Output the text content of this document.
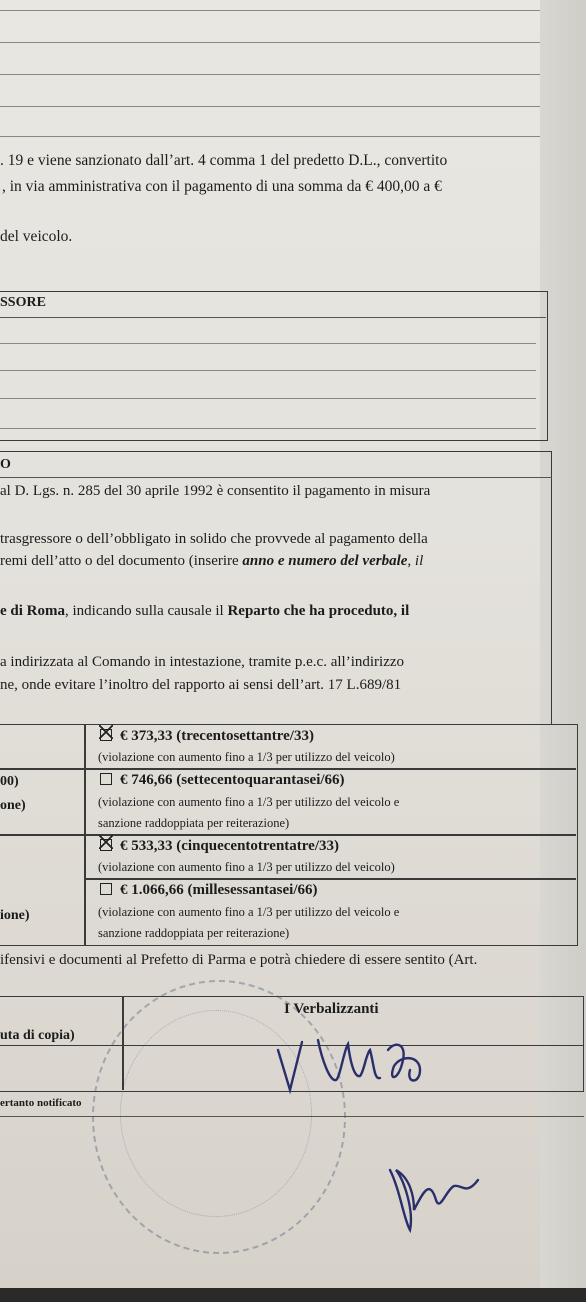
. 19 e viene sanzionato dall’art. 4 comma 1 del predetto D.L., convertito
, in via amministrativa con il pagamento di una somma da € 400,00 a €
del veicolo.
SSORE
O
al D. Lgs. n. 285 del 30 aprile 1992 è consentito il pagamento in misura
trasgressore o dell’obbligato in solido che provvede al pagamento della
remi dell’atto o del documento (inserire anno e numero del verbale, il
e di Roma, indicando sulla causale il Reparto che ha proceduto, il
a indirizzata al Comando in intestazione, tramite p.e.c. all’indirizzo
ne, onde evitare l’inoltro del rapporto ai sensi dell’art. 17 L.689/81
€ 373,33 (trecentosettantre/33)
(violazione con aumento fino a 1/3 per utilizzo del veicolo)
00)
one)
€ 746,66 (settecentoquarantasei/66)
(violazione con aumento fino a 1/3 per utilizzo del veicolo e
sanzione raddoppiata per reiterazione)
€ 533,33 (cinquecentotrentatre/33)
(violazione con aumento fino a 1/3 per utilizzo del veicolo)
ione)
€ 1.066,66 (millesessantasei/66)
(violazione con aumento fino a 1/3 per utilizzo del veicolo e
sanzione raddoppiata per reiterazione)
ifensivi e documenti al Prefetto di Parma e potrà chiedere di essere sentito (Art.
I Verbalizzanti
uta di copia)
ertanto notificato
